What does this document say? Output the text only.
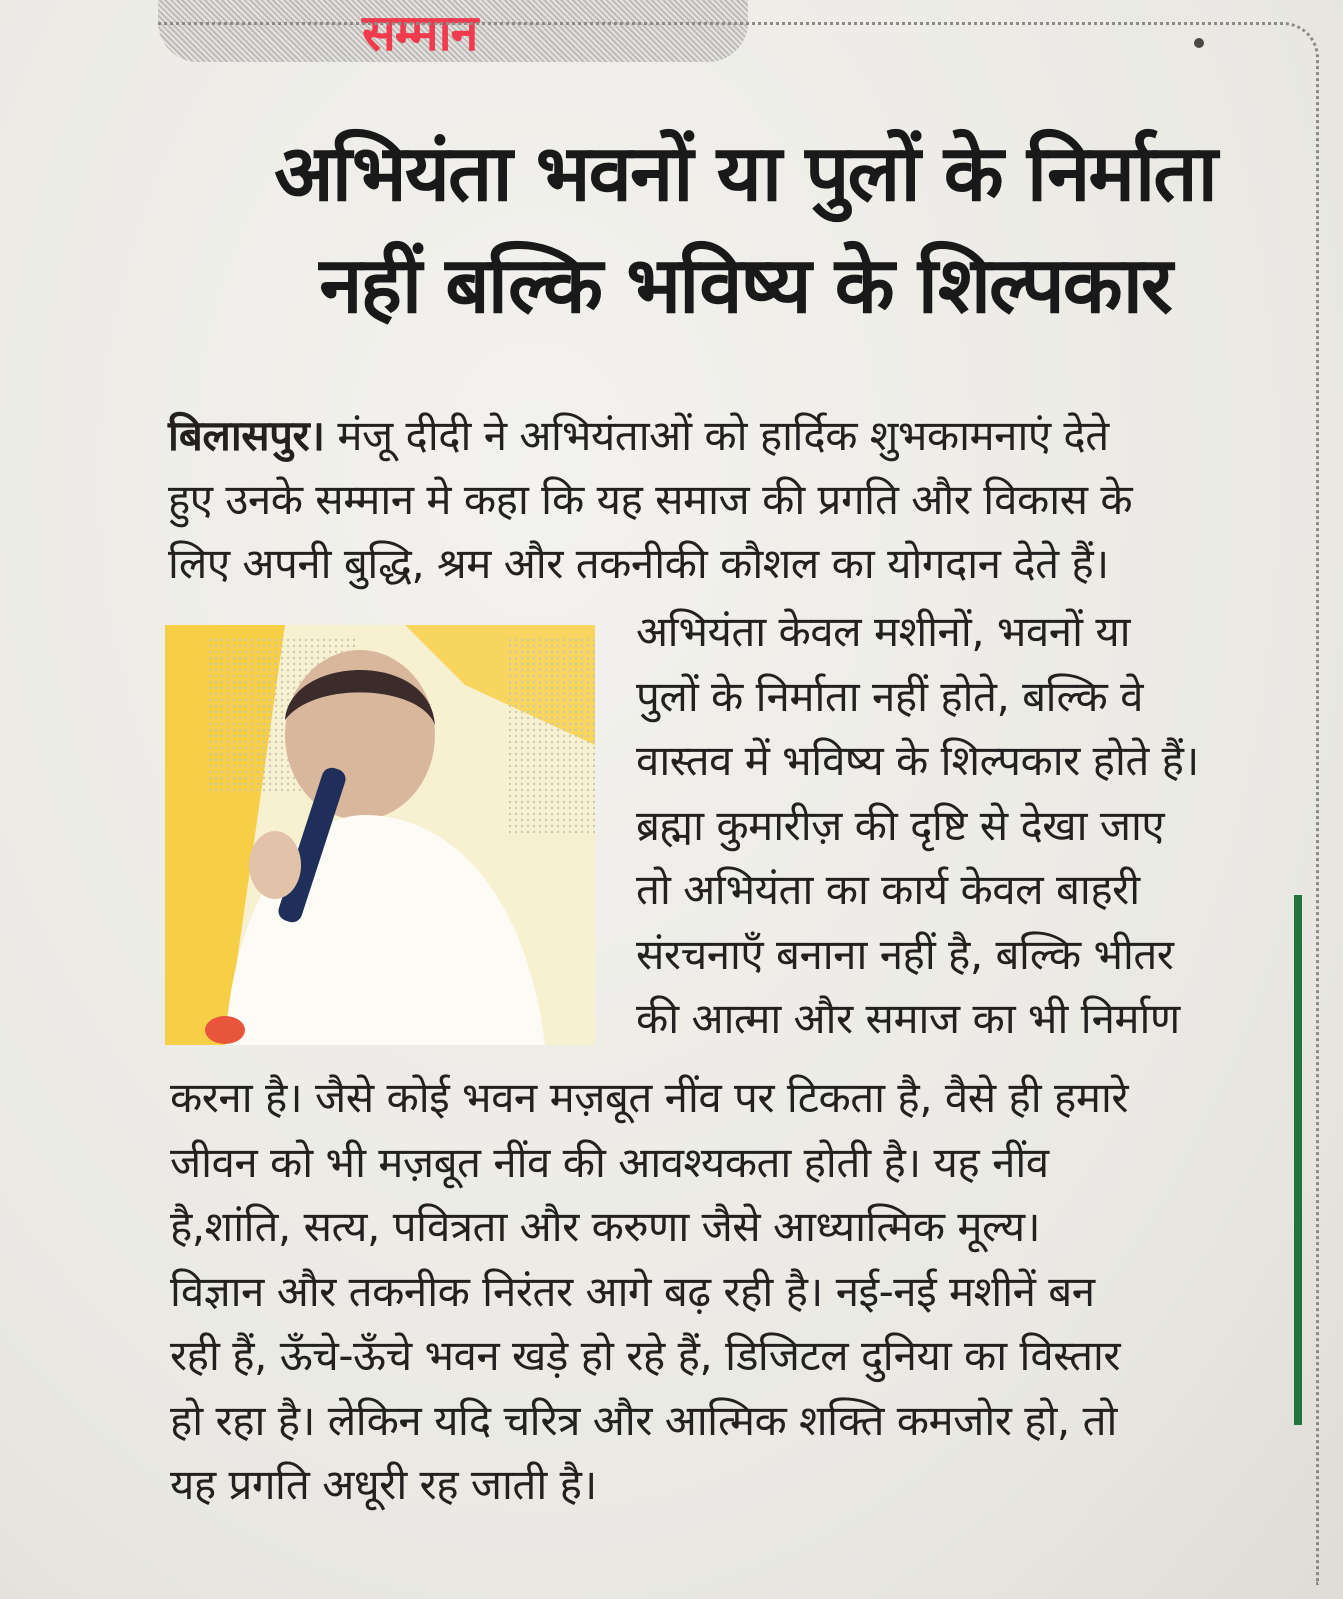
सम्मान
अभियंता भवनों या पुलों के निर्माता
नहीं बल्कि भविष्य के शिल्पकार
बिलासपुर। मंजू दीदी ने अभियंताओं को हार्दिक शुभकामनाएं देते
हुए उनके सम्मान मे कहा कि यह समाज की प्रगति और विकास के
लिए अपनी बुद्धि, श्रम और तकनीकी कौशल का योगदान देते हैं।
अभियंता केवल मशीनों, भवनों या
पुलों के निर्माता नहीं होते, बल्कि वे
वास्तव में भविष्य के शिल्पकार होते हैं।
ब्रह्मा कुमारीज़ की दृष्टि से देखा जाए
तो अभियंता का कार्य केवल बाहरी
संरचनाएँ बनाना नहीं है, बल्कि भीतर
की आत्मा और समाज का भी निर्माण
करना है। जैसे कोई भवन मज़बूत नींव पर टिकता है, वैसे ही हमारे
जीवन को भी मज़बूत नींव की आवश्यकता होती है। यह नींव
है,शांति, सत्य, पवित्रता और करुणा जैसे आध्यात्मिक मूल्य।
विज्ञान और तकनीक निरंतर आगे बढ़ रही है। नई-नई मशीनें बन
रही हैं, ऊँचे-ऊँचे भवन खड़े हो रहे हैं, डिजिटल दुनिया का विस्तार
हो रहा है। लेकिन यदि चरित्र और आत्मिक शक्ति कमजोर हो, तो
यह प्रगति अधूरी रह जाती है।
